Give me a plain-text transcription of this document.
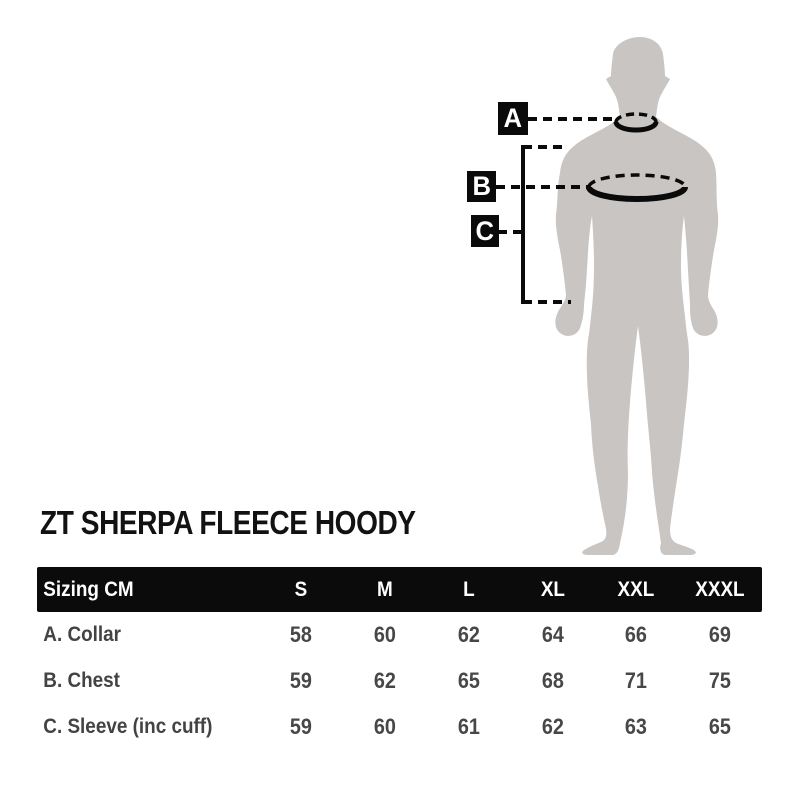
A
B
C
ZT SHERPA FLEECE HOODY
Sizing CM	S	M	L	XL	XXL	XXXL
A. Collar	58	60	62	64	66	69
B. Chest	59	62	65	68	71	75
C. Sleeve (inc cuff)	59	60	61	62	63	65
